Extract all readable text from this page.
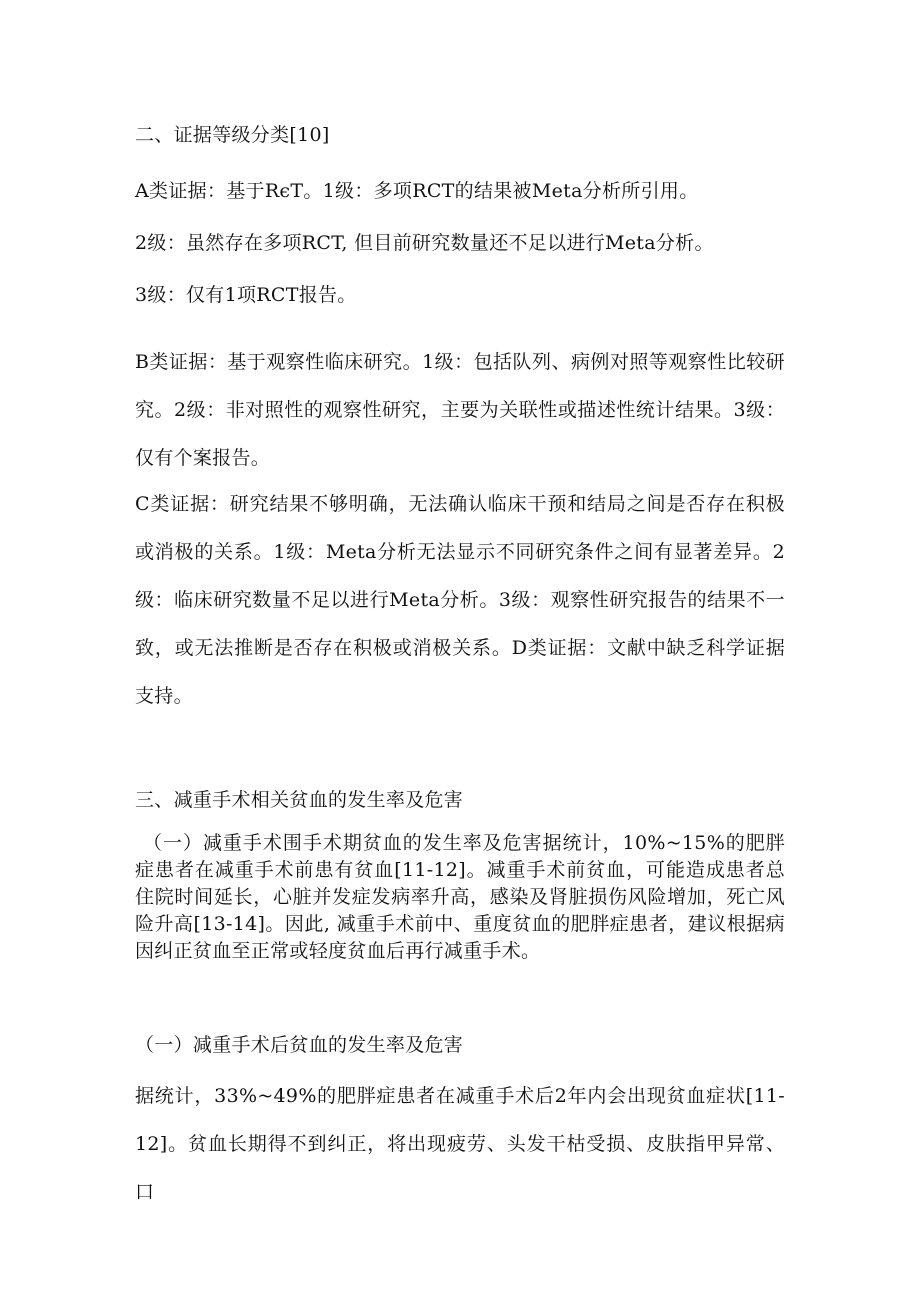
二、证据等级分类[10]

A类证据：基于RєT。1级：多项RCT的结果被Meta分析所引用。

2级：虽然存在多项RCT, 但目前研究数量还不足以进行Meta分析。

3级：仅有1项RCT报告。

B类证据：基于观察性临床研究。1级：包括队列、病例对照等观察性比较研究。2级：非对照性的观察性研究，主要为关联性或描述性统计结果。3级：仅有个案报告。

C类证据：研究结果不够明确，无法确认临床干预和结局之间是否存在积极或消极的关系。1级：Meta分析无法显示不同研究条件之间有显著差异。2级：临床研究数量不足以进行Meta分析。3级：观察性研究报告的结果不一致，或无法推断是否存在积极或消极关系。D类证据：文献中缺乏科学证据支持。

三、减重手术相关贫血的发生率及危害

（一）减重手术围手术期贫血的发生率及危害据统计，10%~15%的肥胖症患者在减重手术前患有贫血[11-12]。减重手术前贫血，可能造成患者总住院时间延长，心脏并发症发病率升高，感染及肾脏损伤风险增加，死亡风险升高[13-14]。因此, 减重手术前中、重度贫血的肥胖症患者，建议根据病因纠正贫血至正常或轻度贫血后再行减重手术。

（一）减重手术后贫血的发生率及危害

据统计，33%~49%的肥胖症患者在减重手术后2年内会出现贫血症状[11-12]。贫血长期得不到纠正，将出现疲劳、头发干枯受损、皮肤指甲异常、口
